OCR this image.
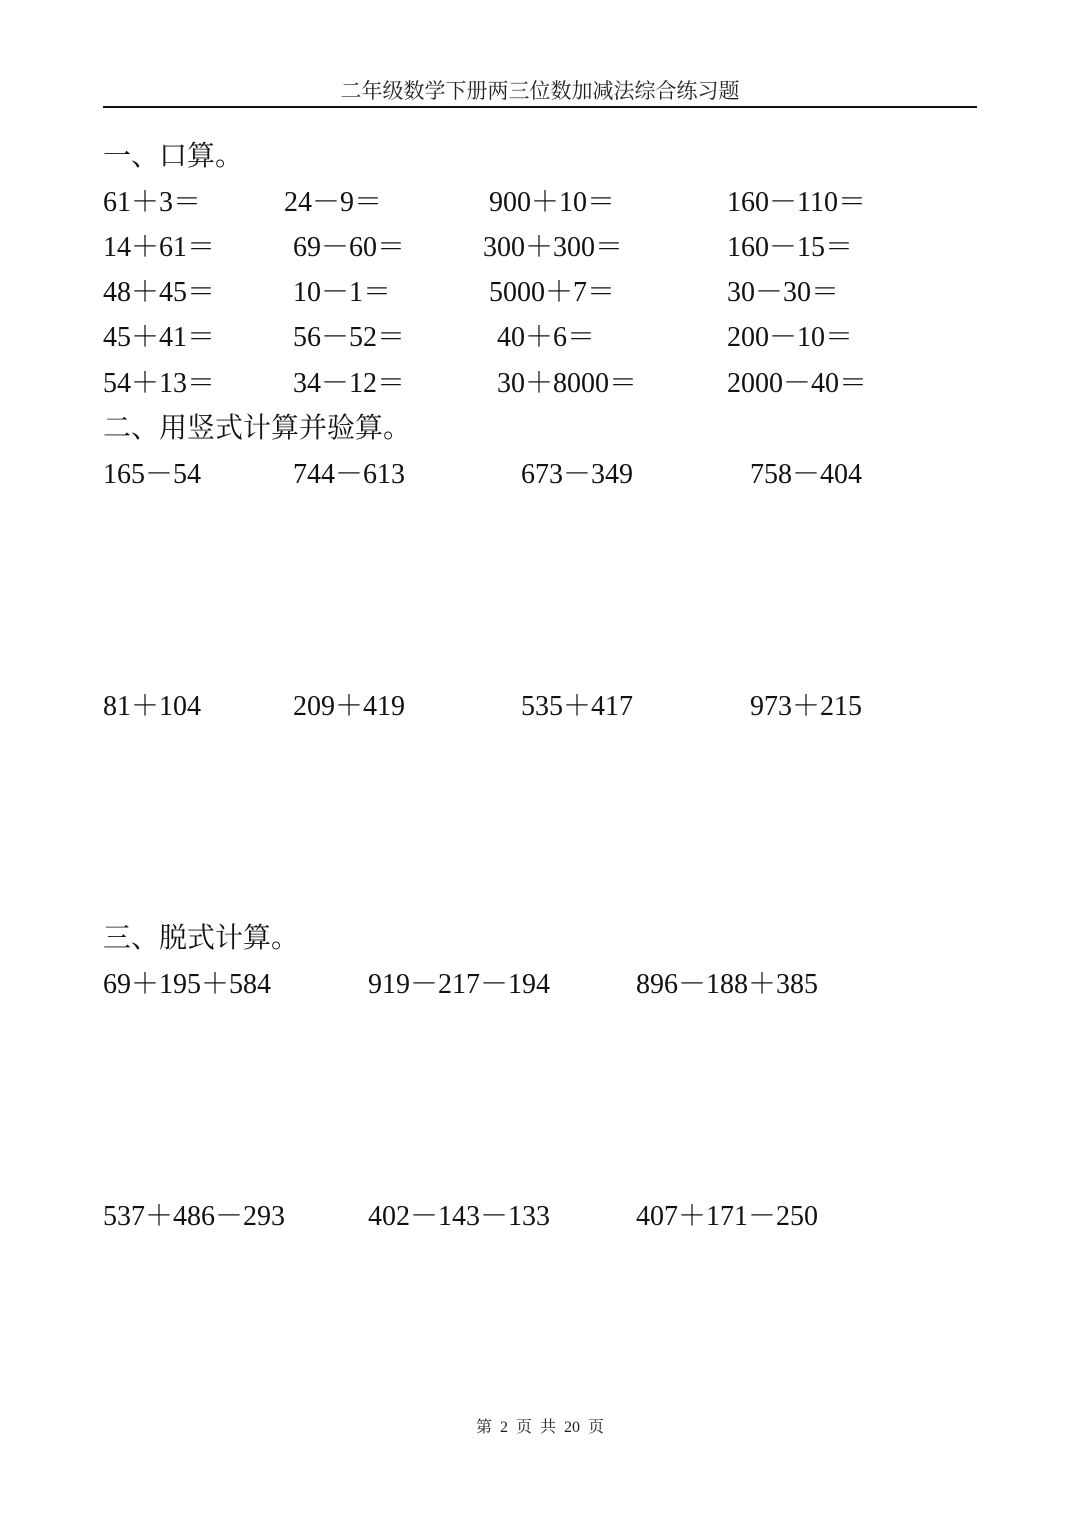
二年级数学下册两三位数加减法综合练习题
一、口算。
61＋3＝	24－9＝	900＋10＝	160－110＝
14＋61＝	69－60＝	300＋300＝	160－15＝
48＋45＝	10－1＝	5000＋7＝	30－30＝
45＋41＝	56－52＝	40＋6＝	200－10＝
54＋13＝	34－12＝	30＋8000＝	2000－40＝
二、用竖式计算并验算。
165－54	744－613	673－349	758－404
81＋104	209＋419	535＋417	973＋215
三、脱式计算。
69＋195＋584	919－217－194	896－188＋385
537＋486－293	402－143－133	407＋171－250
第 2 页 共 20 页
